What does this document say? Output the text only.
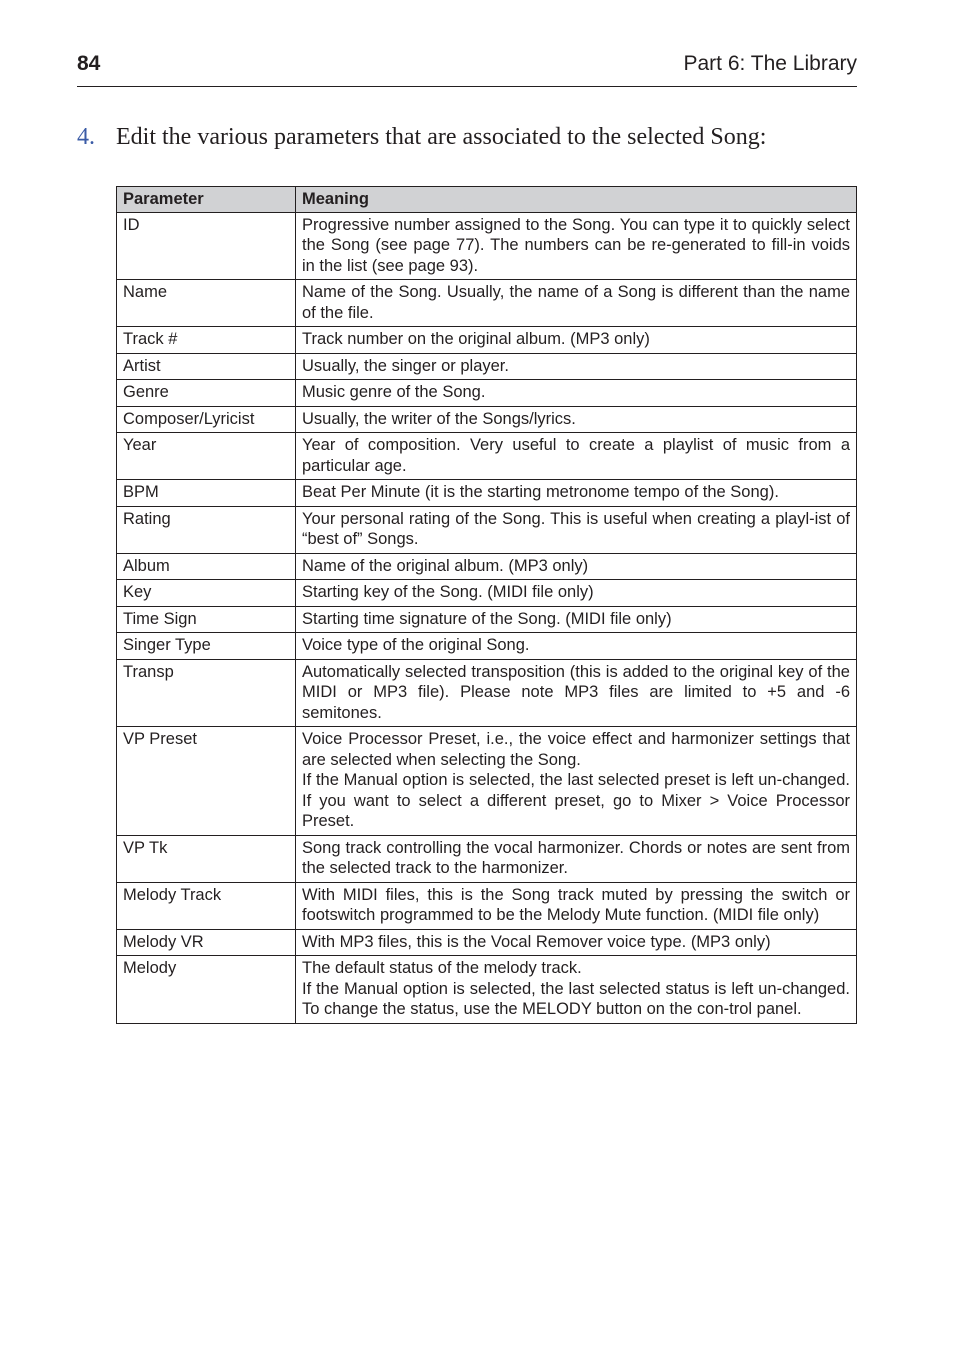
84	Part 6: The Library
4. Edit the various parameters that are associated to the selected Song:
Parameter	Meaning
ID	Progressive number assigned to the Song. You can type it to quickly select the Song (see page 77). The numbers can be re-generated to fill-in voids in the list (see page 93).

Name	Name of the Song. Usually, the name of a Song is different than the name of the file.

Track #	Track number on the original album. (MP3 only)

Artist	Usually, the singer or player.

Genre	Music genre of the Song.

Composer/Lyricist	Usually, the writer of the Songs/lyrics.

Year	Year of composition. Very useful to create a playlist of music from a particular age.

BPM	Beat Per Minute (it is the starting metronome tempo of the Song).

Rating	Your personal rating of the Song. This is useful when creating a playl-ist of “best of” Songs.

Album	Name of the original album. (MP3 only)

Key	Starting key of the Song. (MIDI file only)

Time Sign	Starting time signature of the Song. (MIDI file only)

Singer Type	Voice type of the original Song.

Transp	Automatically selected transposition (this is added to the original key of the MIDI or MP3 file). Please note MP3 files are limited to +5 and -6 semitones.

VP Preset	Voice Processor Preset, i.e., the voice effect and harmonizer settings that are selected when selecting the Song.
If the Manual option is selected, the last selected preset is left un-changed. If you want to select a different preset, go to Mixer > Voice Processor Preset.

VP Tk	Song track controlling the vocal harmonizer. Chords or notes are sent from the selected track to the harmonizer.

Melody Track	With MIDI files, this is the Song track muted by pressing the switch or footswitch programmed to be the Melody Mute function. (MIDI file only)

Melody VR	With MP3 files, this is the Vocal Remover voice type. (MP3 only)

Melody	The default status of the melody track.
If the Manual option is selected, the last selected status is left un-changed. To change the status, use the MELODY button on the con-trol panel.
